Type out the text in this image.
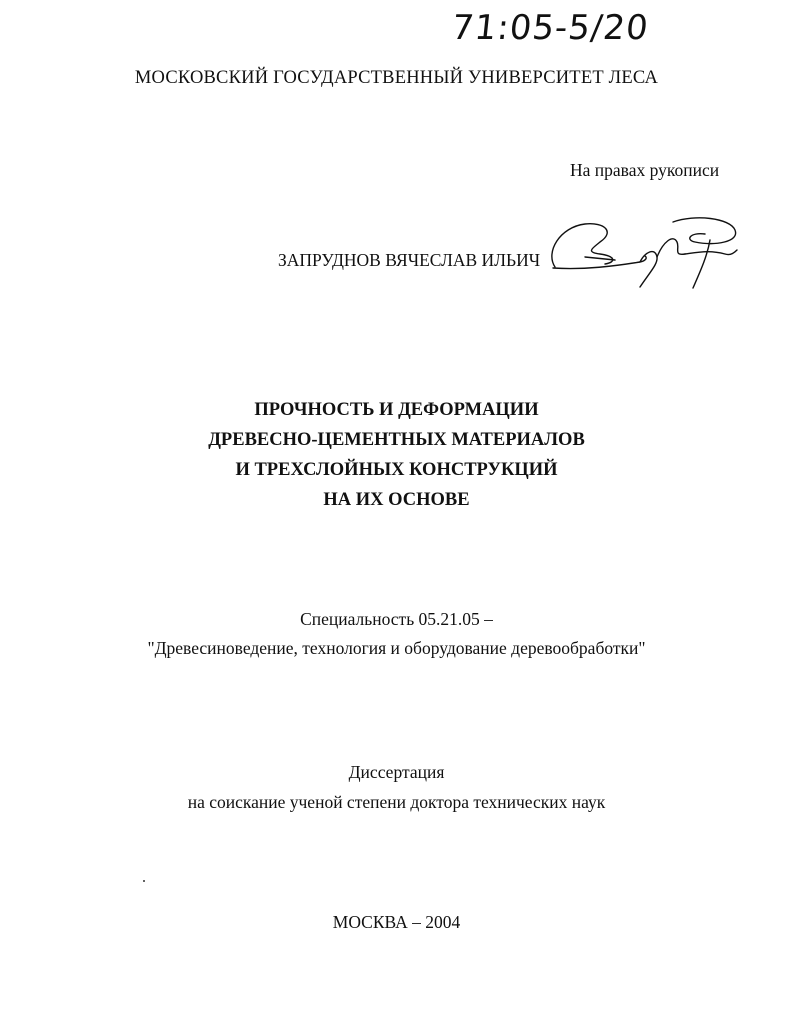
71:05-5/20
МОСКОВСКИЙ ГОСУДАРСТВЕННЫЙ УНИВЕРСИТЕТ ЛЕСА
На правах рукописи
ЗАПРУДНОВ ВЯЧЕСЛАВ ИЛЬИЧ
ПРОЧНОСТЬ И ДЕФОРМАЦИИ
ДРЕВЕСНО-ЦЕМЕНТНЫХ МАТЕРИАЛОВ
И ТРЕХСЛОЙНЫХ КОНСТРУКЦИЙ
НА ИХ ОСНОВЕ
Специальность 05.21.05 –
"Древесиноведение, технология и оборудование деревообработки"
Диссертация
на соискание ученой степени доктора технических наук
МОСКВА – 2004
